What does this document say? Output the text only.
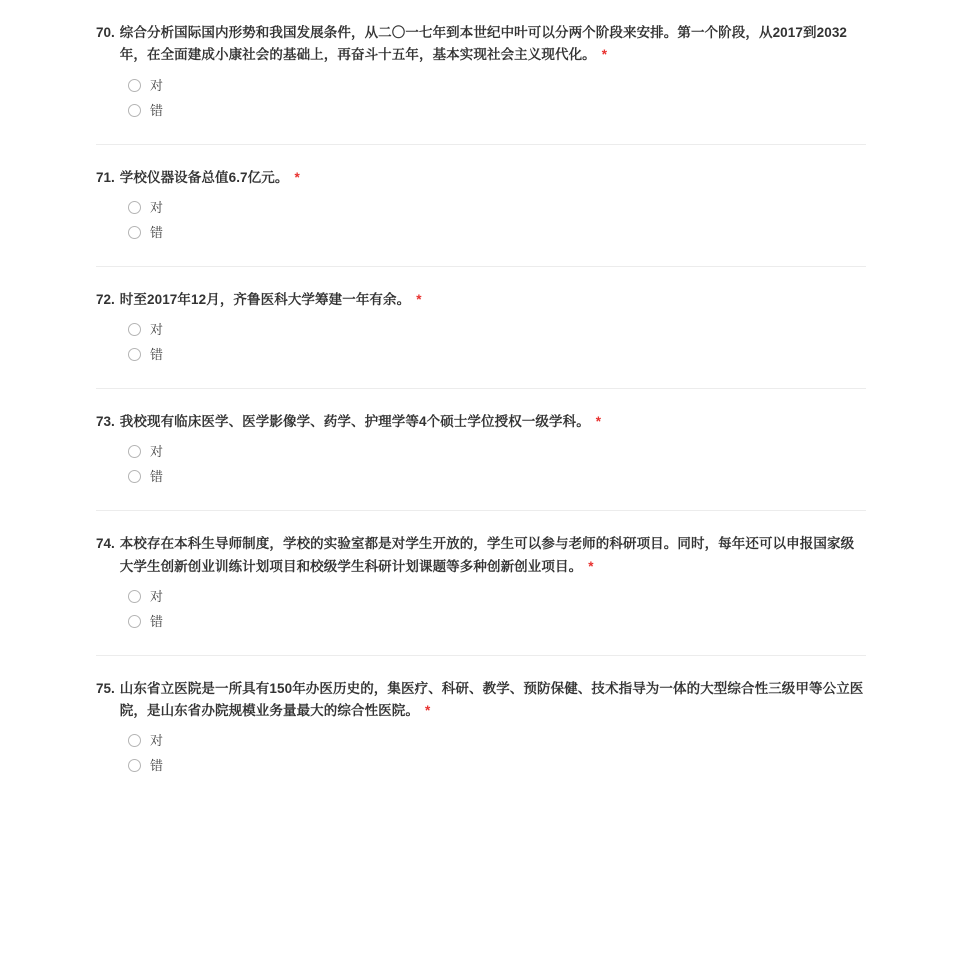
70. 综合分析国际国内形势和我国发展条件，从二〇一七年到本世纪中叶可以分两个阶段来安排。第一个阶段，从2017到2032年，在全面建成小康社会的基础上，再奋斗十五年，基本实现社会主义现代化。 *
对
错
71. 学校仪器设备总值6.7亿元。 *
对
错
72. 时至2017年12月，齐鲁医科大学筹建一年有余。 *
对
错
73. 我校现有临床医学、医学影像学、药学、护理学等4个硕士学位授权一级学科。 *
对
错
74. 本校存在本科生导师制度，学校的实验室都是对学生开放的，学生可以参与老师的科研项目。同时，每年还可以申报国家级大学生创新创业训练计划项目和校级学生科研计划课题等多种创新创业项目。 *
对
错
75. 山东省立医院是一所具有150年办医历史的，集医疗、科研、教学、预防保健、技术指导为一体的大型综合性三级甲等公立医院，是山东省办院规模业务量最大的综合性医院。 *
对
错
